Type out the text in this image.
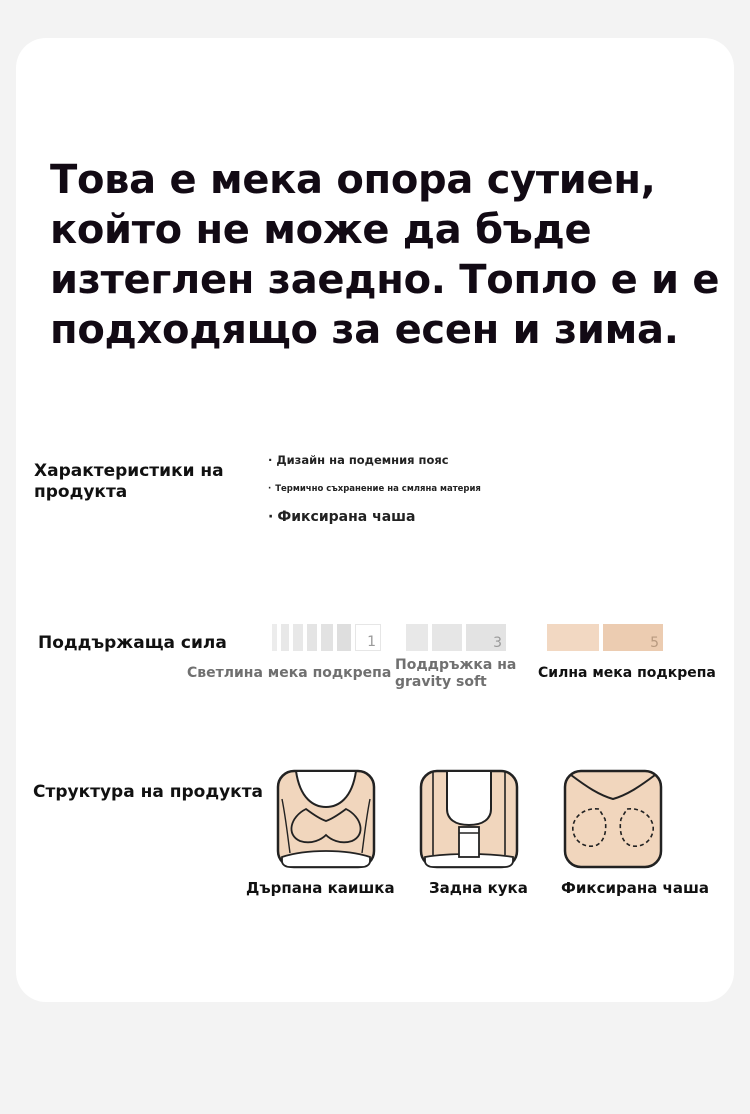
Това е мека опора сутиен, който не може да бъде изтеглен заедно. Топло е и е подходящо за есен и зима.
Характеристики на продукта
· Дизайн на подемния пояс
· Термично съхранение на смляна материя
· Фиксирана чаша
Поддържаща сила	1	3	5
Светлина мека подкрепа Поддръжка на gravity soft
Силна мека подкрепа
Структура на продукта
Дърпана каишка Задна кука Фиксирана чаша
